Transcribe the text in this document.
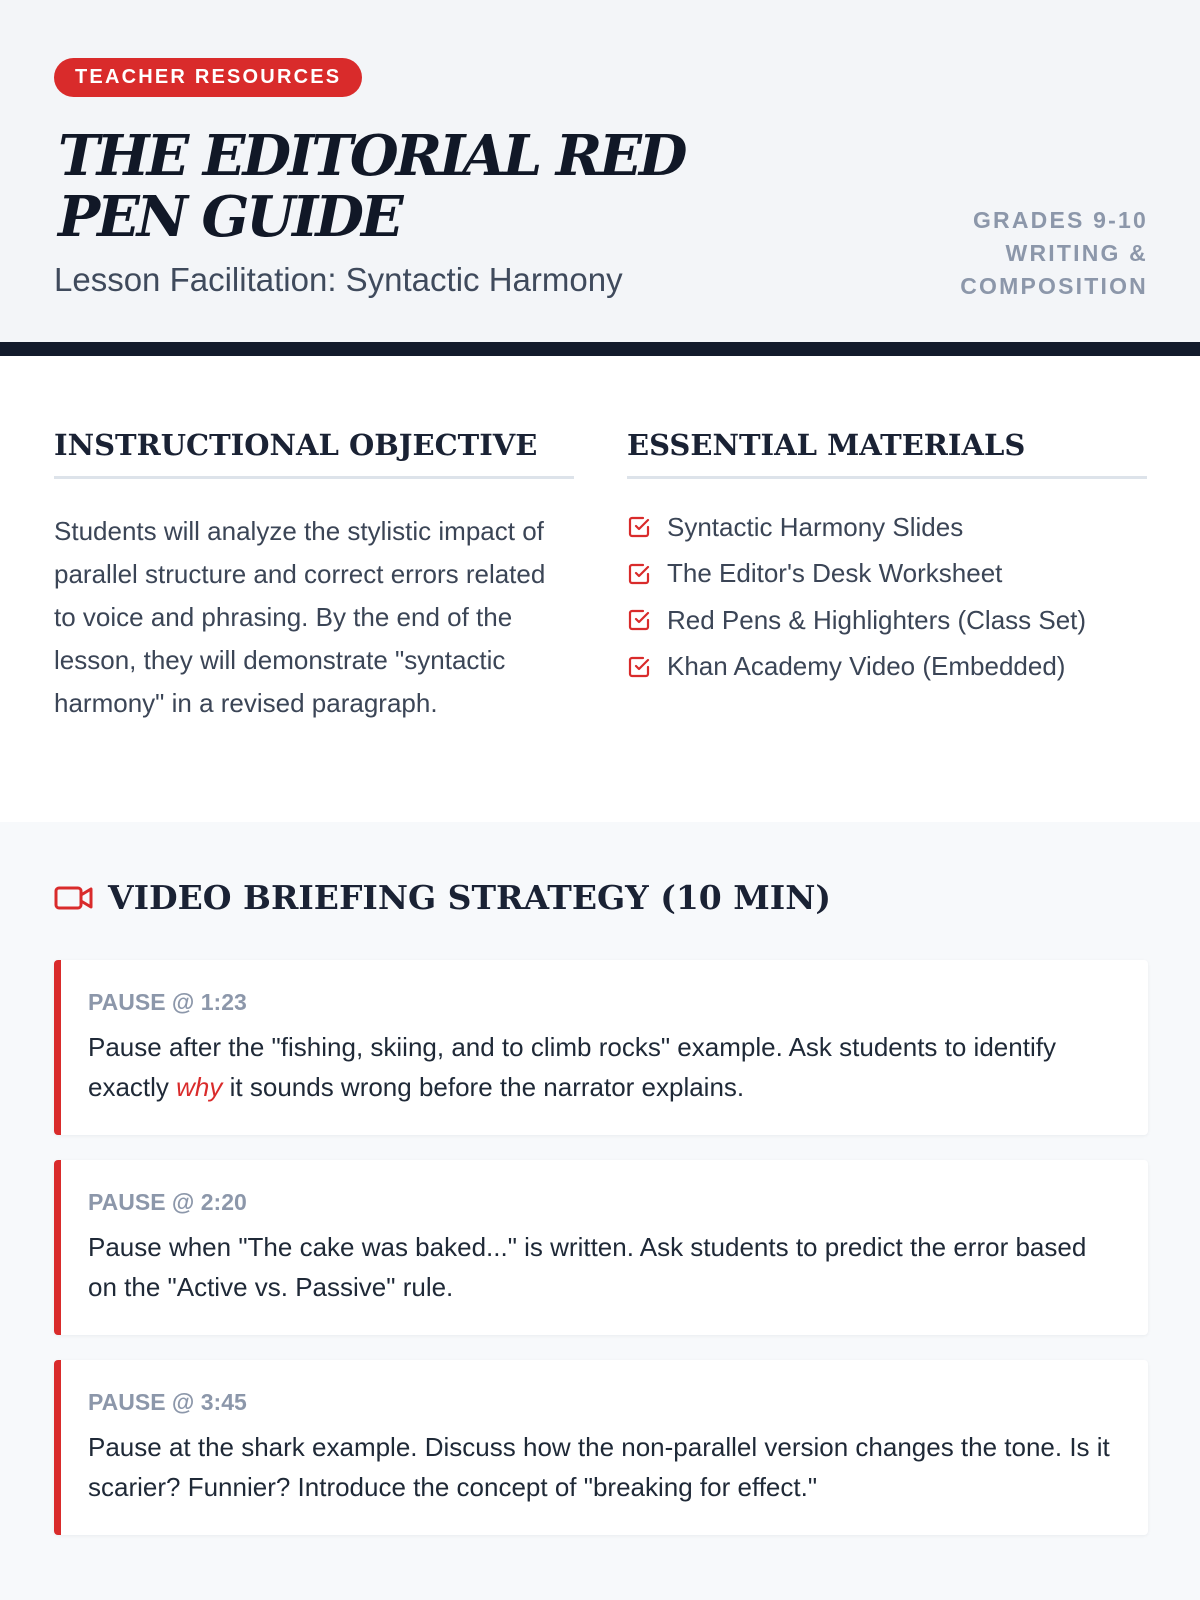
TEACHER RESOURCES
THE EDITORIAL RED PEN GUIDE

Lesson Facilitation: Syntactic Harmony

GRADES 9-10
WRITING &
COMPOSITION
INSTRUCTIONAL OBJECTIVE

Students will analyze the stylistic impact of parallel structure and correct errors related to voice and phrasing. By the end of the lesson, they will demonstrate "syntactic harmony" in a revised paragraph.

ESSENTIAL MATERIALS
Syntactic Harmony Slides
The Editor's Desk Worksheet
Red Pens & Highlighters (Class Set)
Khan Academy Video (Embedded)
VIDEO BRIEFING STRATEGY (10 MIN)

PAUSE @ 1:23

Pause after the "fishing, skiing, and to climb rocks" example. Ask students to identify exactly why it sounds wrong before the narrator explains.

PAUSE @ 2:20

Pause when "The cake was baked..." is written. Ask students to predict the error based on the "Active vs. Passive" rule.

PAUSE @ 3:45

Pause at the shark example. Discuss how the non-parallel version changes the tone. Is it scarier? Funnier? Introduce the concept of "breaking for effect."
